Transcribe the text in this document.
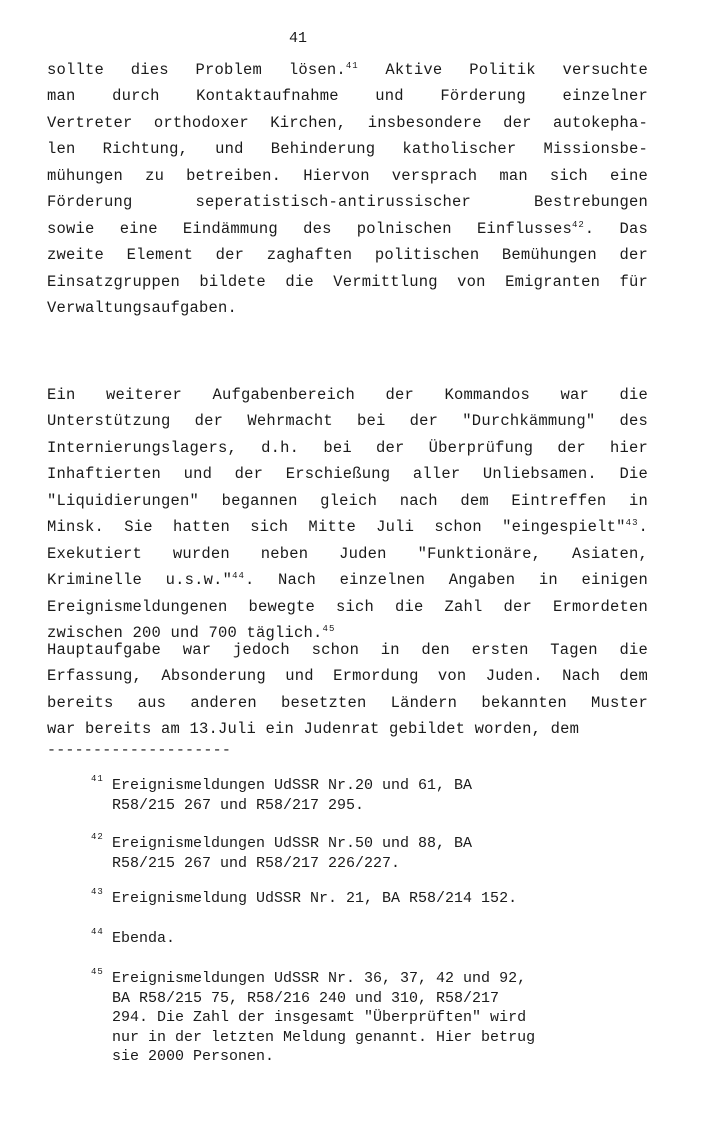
41
sollte dies Problem lösen.$^{41}$ Aktive Politik versuchte
man durch Kontaktaufnahme und Förderung einzelner
Vertreter orthodoxer Kirchen, insbesondere der autokepha-
len Richtung, und Behinderung katholischer Missionsbe-
mühungen zu betreiben. Hiervon versprach man sich eine
Förderung seperatistisch-antirussischer Bestrebungen
sowie eine Eindämmung des polnischen Einflusses$^{42}$. Das
zweite Element der zaghaften politischen Bemühungen der
Einsatzgruppen bildete die Vermittlung von Emigranten für
Verwaltungsaufgaben.
Ein weiterer Aufgabenbereich der Kommandos war die
Unterstützung der Wehrmacht bei der "Durchkämmung" des
Internierungslagers, d.h. bei der Überprüfung der hier
Inhaftierten und der Erschießung aller Unliebsamen. Die
"Liquidierungen" begannen gleich nach dem Eintreffen in
Minsk. Sie hatten sich Mitte Juli schon "eingespielt"$^{43}$.
Exekutiert wurden neben Juden "Funktionäre, Asiaten,
Kriminelle u.s.w."$^{44}$. Nach einzelnen Angaben in einigen
Ereignismeldungenen bewegte sich die Zahl der Ermordeten
zwischen 200 und 700 täglich.$^{45}$
Hauptaufgabe war jedoch schon in den ersten Tagen die
Erfassung, Absonderung und Ermordung von Juden. Nach dem
bereits aus anderen besetzten Ländern bekannten Muster
war bereits am 13.Juli ein Judenrat gebildet worden, dem
--------------------
41 Ereignismeldungen UdSSR Nr.20 und 61, BA
R58/215 267 und R58/217 295.
42 Ereignismeldungen UdSSR Nr.50 und 88, BA
R58/215 267 und R58/217 226/227.
43 Ereignismeldung UdSSR Nr. 21, BA R58/214 152.
44 Ebenda.
45 Ereignismeldungen UdSSR Nr. 36, 37, 42 und 92,
BA R58/215 75, R58/216 240 und 310, R58/217
294. Die Zahl der insgesamt "Überprüften" wird
nur in der letzten Meldung genannt. Hier betrug
sie 2000 Personen.
